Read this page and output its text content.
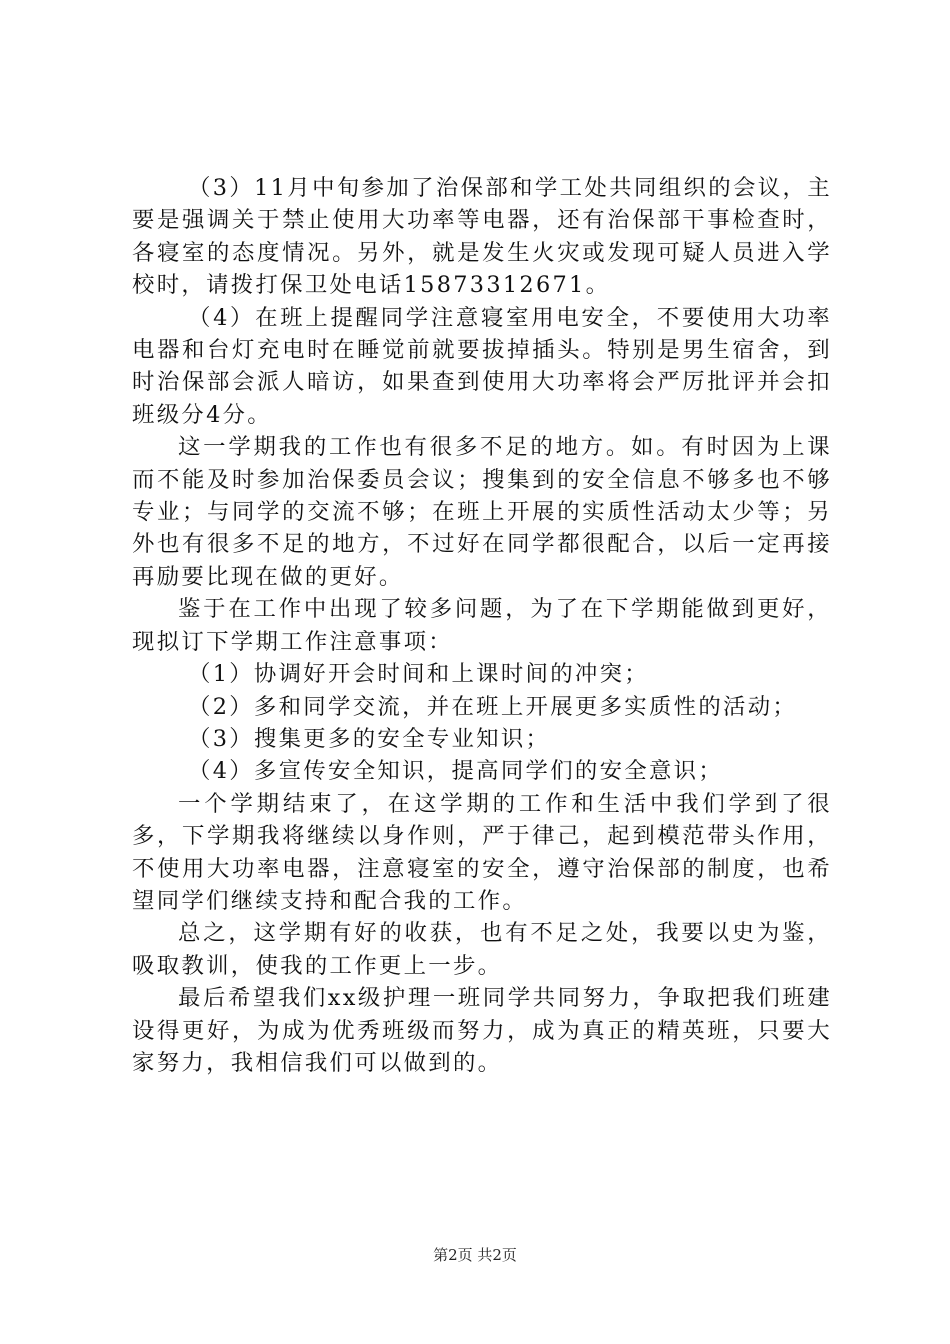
（3）11月中旬参加了治保部和学工处共同组织的会议，主要是强调关于禁止使用大功率等电器，还有治保部干事检查时，各寝室的态度情况。另外，就是发生火灾或发现可疑人员进入学校时，请拨打保卫处电话15873312671。

（4）在班上提醒同学注意寝室用电安全，不要使用大功率电器和台灯充电时在睡觉前就要拔掉插头。特别是男生宿舍，到时治保部会派人暗访，如果查到使用大功率将会严厉批评并会扣班级分4分。

这一学期我的工作也有很多不足的地方。如。有时因为上课而不能及时参加治保委员会议；搜集到的安全信息不够多也不够专业；与同学的交流不够；在班上开展的实质性活动太少等；另外也有很多不足的地方，不过好在同学都很配合，以后一定再接再励要比现在做的更好。

鉴于在工作中出现了较多问题，为了在下学期能做到更好，现拟订下学期工作注意事项：

（1）协调好开会时间和上课时间的冲突；

（2）多和同学交流，并在班上开展更多实质性的活动；

（3）搜集更多的安全专业知识；

（4）多宣传安全知识，提高同学们的安全意识；

一个学期结束了，在这学期的工作和生活中我们学到了很多，下学期我将继续以身作则，严于律己，起到模范带头作用，不使用大功率电器，注意寝室的安全，遵守治保部的制度，也希望同学们继续支持和配合我的工作。

总之，这学期有好的收获，也有不足之处，我要以史为鉴，吸取教训，使我的工作更上一步。

最后希望我们xx级护理一班同学共同努力，争取把我们班建设得更好，为成为优秀班级而努力，成为真正的精英班，只要大家努力，我相信我们可以做到的。

第2页 共2页
